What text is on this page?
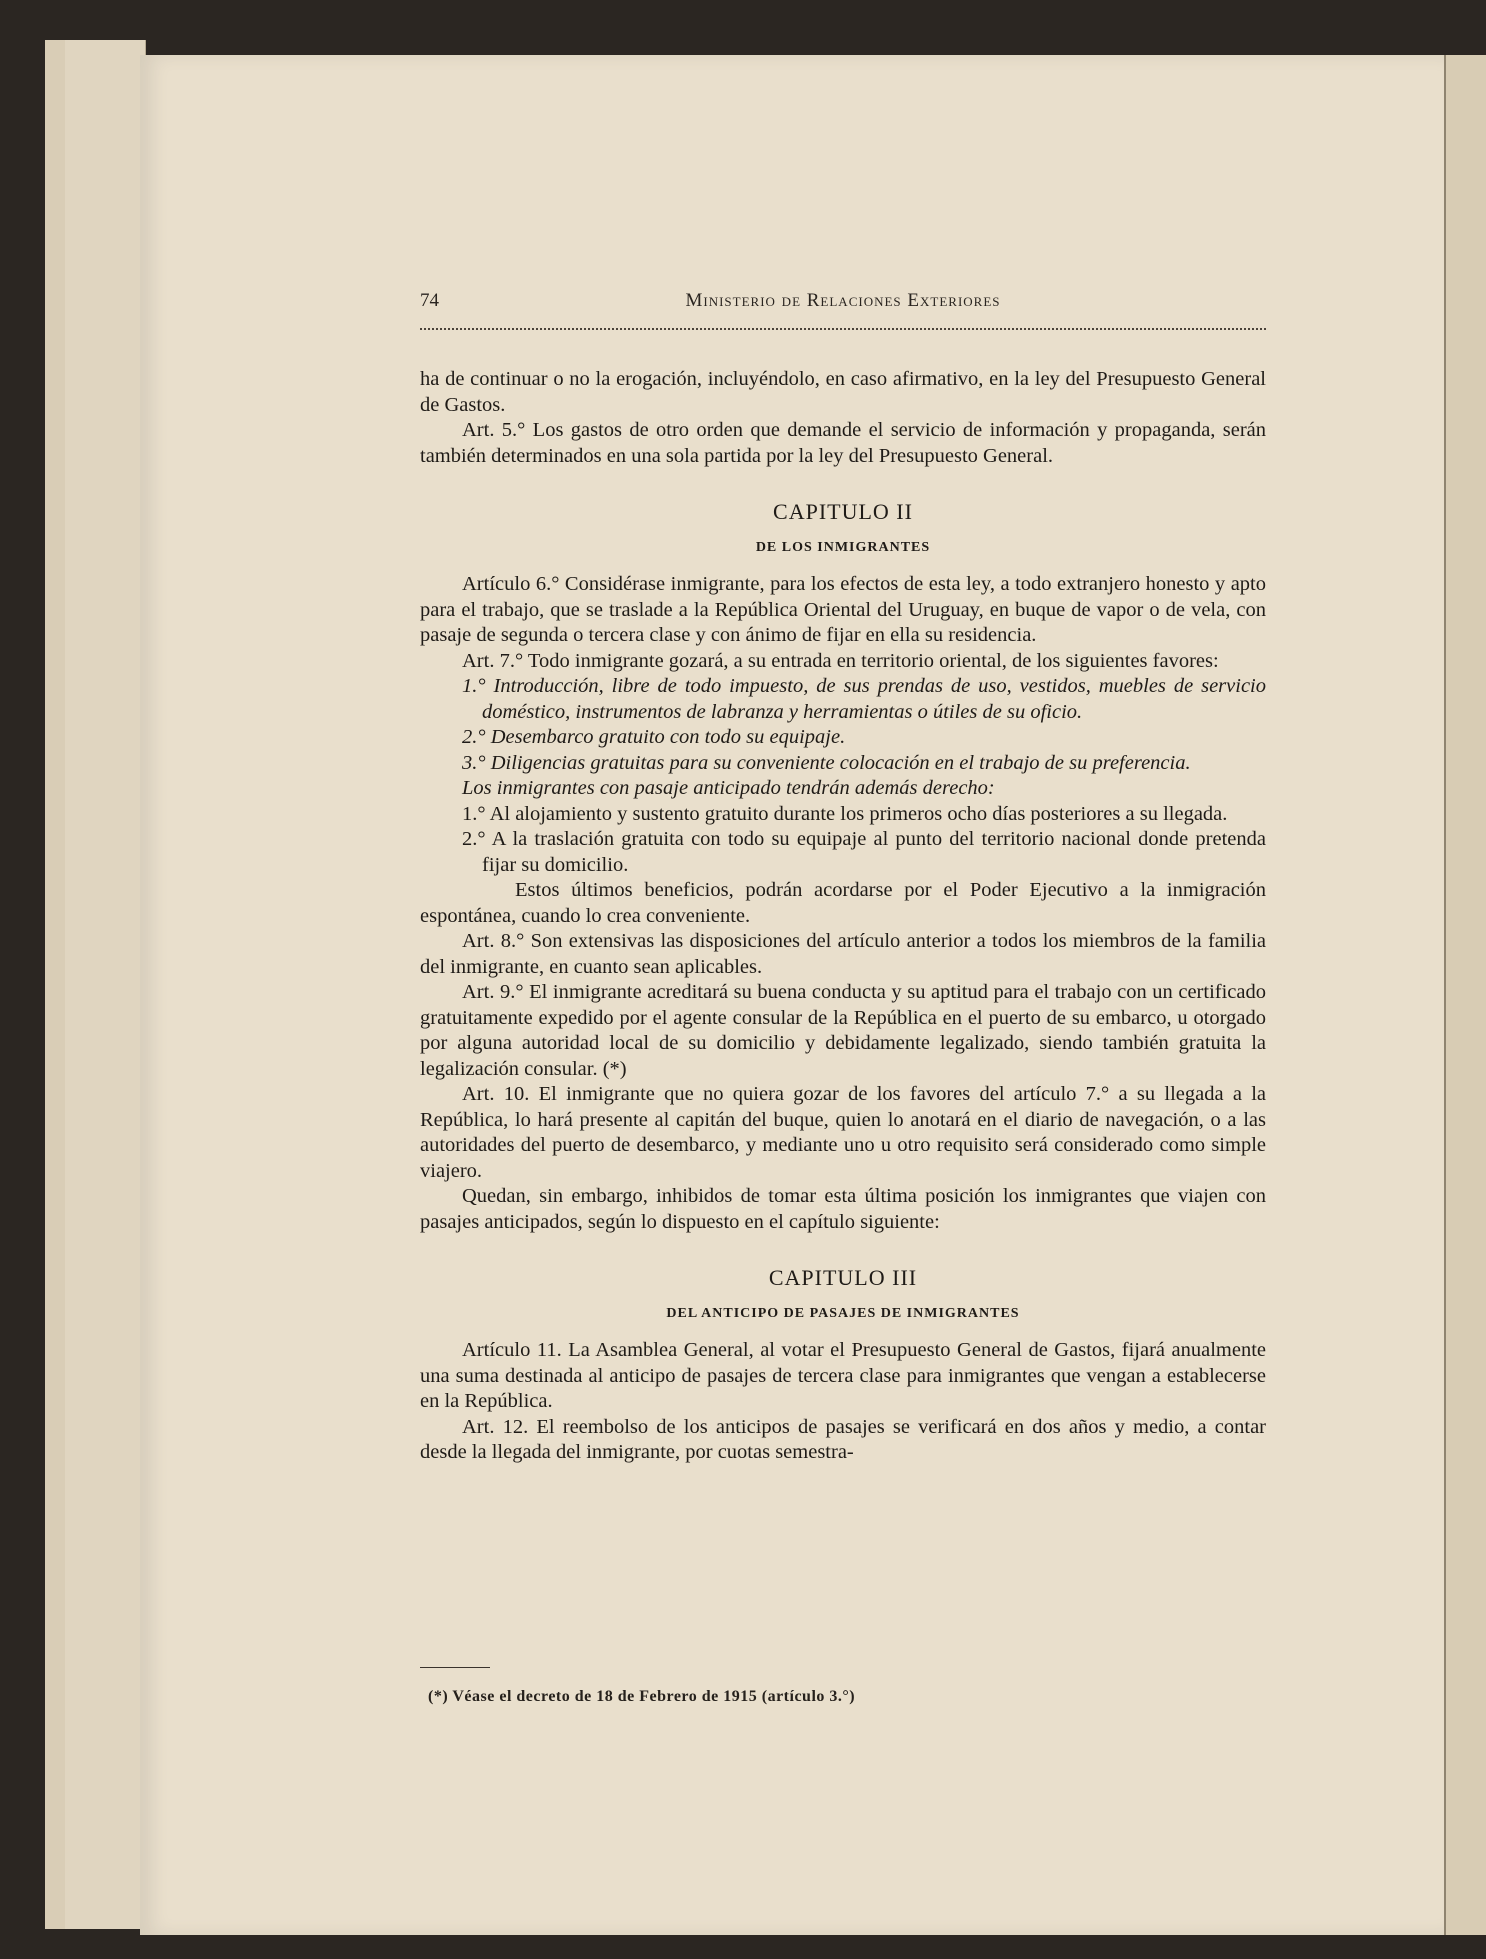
74	Ministerio de Relaciones Exteriores

ha de continuar o no la erogación, incluyéndolo, en caso afirmativo, en la ley del Presupuesto General de Gastos.

Art. 5.° Los gastos de otro orden que demande el servicio de información y propaganda, serán también determinados en una sola partida por la ley del Presupuesto General.

CAPITULO II
DE LOS INMIGRANTES

Artículo 6.° Considérase inmigrante, para los efectos de esta ley, a todo extranjero honesto y apto para el trabajo, que se traslade a la República Oriental del Uruguay, en buque de vapor o de vela, con pasaje de segunda o tercera clase y con ánimo de fijar en ella su residencia.

Art. 7.° Todo inmigrante gozará, a su entrada en territorio oriental, de los siguientes favores:

1.° Introducción, libre de todo impuesto, de sus prendas de uso, vestidos, muebles de servicio doméstico, instrumentos de labranza y herramientas o útiles de su oficio.

2.° Desembarco gratuito con todo su equipaje.

3.° Diligencias gratuitas para su conveniente colocación en el trabajo de su preferencia.

Los inmigrantes con pasaje anticipado tendrán además derecho:

1.° Al alojamiento y sustento gratuito durante los primeros ocho días posteriores a su llegada.

2.° A la traslación gratuita con todo su equipaje al punto del territorio nacional donde pretenda fijar su domicilio.

Estos últimos beneficios, podrán acordarse por el Poder Ejecutivo a la inmigración espontánea, cuando lo crea conveniente.

Art. 8.° Son extensivas las disposiciones del artículo anterior a todos los miembros de la familia del inmigrante, en cuanto sean aplicables.

Art. 9.° El inmigrante acreditará su buena conducta y su aptitud para el trabajo con un certificado gratuitamente expedido por el agente consular de la República en el puerto de su embarco, u otorgado por alguna autoridad local de su domicilio y debidamente legalizado, siendo también gratuita la legalización consular. (*)

Art. 10. El inmigrante que no quiera gozar de los favores del artículo 7.° a su llegada a la República, lo hará presente al capitán del buque, quien lo anotará en el diario de navegación, o a las autoridades del puerto de desembarco, y mediante uno u otro requisito será considerado como simple viajero.

Quedan, sin embargo, inhibidos de tomar esta última posición los inmigrantes que viajen con pasajes anticipados, según lo dispuesto en el capítulo siguiente:

CAPITULO III
DEL ANTICIPO DE PASAJES DE INMIGRANTES

Artículo 11. La Asamblea General, al votar el Presupuesto General de Gastos, fijará anualmente una suma destinada al anticipo de pasajes de tercera clase para inmigrantes que vengan a establecerse en la República.

Art. 12. El reembolso de los anticipos de pasajes se verificará en dos años y medio, a contar desde la llegada del inmigrante, por cuotas semestra-

(*) Véase el decreto de 18 de Febrero de 1915 (artículo 3.°)
